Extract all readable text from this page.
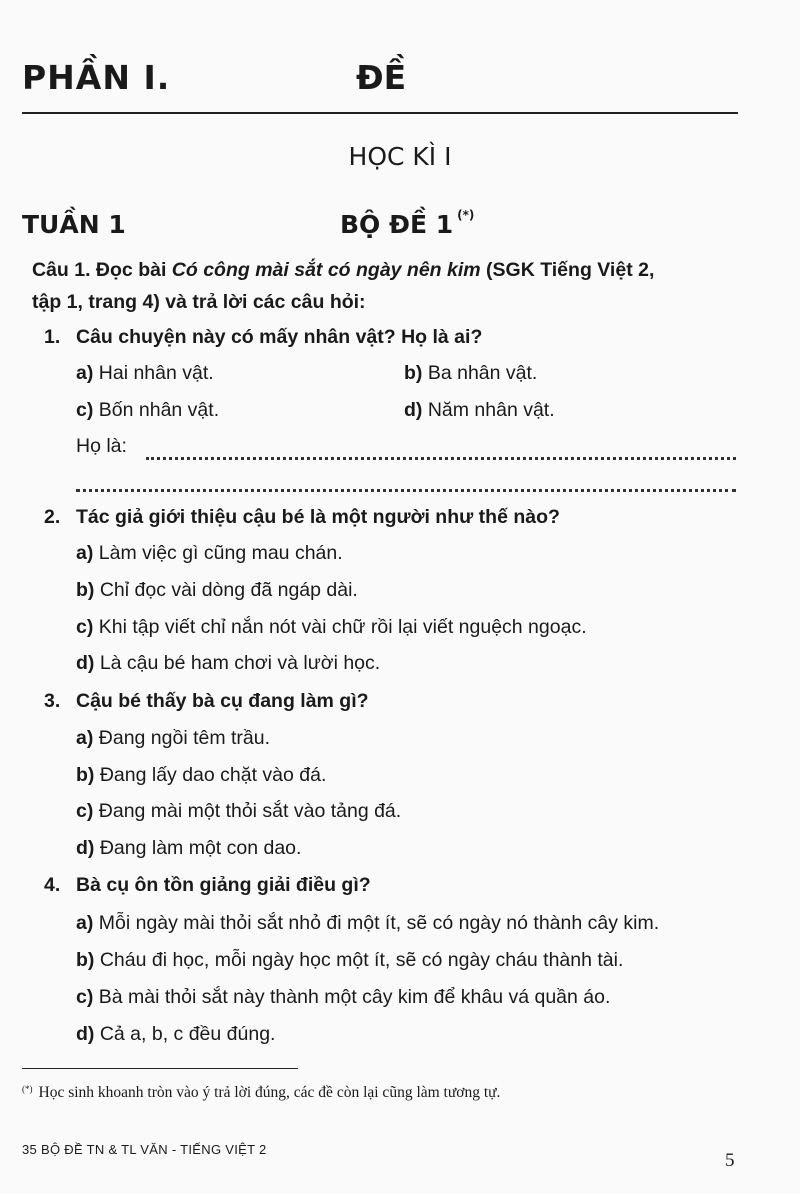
PHẦN I.	ĐỀ
HỌC KÌ I
TUẦN 1	BỘ ĐỀ 1 (*)
Câu 1. Đọc bài Có công mài sắt có ngày nên kim (SGK Tiếng Việt 2,
tập 1, trang 4) và trả lời các câu hỏi:
1. Câu chuyện này có mấy nhân vật? Họ là ai?
a) Hai nhân vật.	b) Ba nhân vật.
c) Bốn nhân vật.	d) Năm nhân vật.
Họ là:
2. Tác giả giới thiệu cậu bé là một người như thế nào?
a) Làm việc gì cũng mau chán.
b) Chỉ đọc vài dòng đã ngáp dài.
c) Khi tập viết chỉ nắn nót vài chữ rồi lại viết nguệch ngoạc.
d) Là cậu bé ham chơi và lười học.
3. Cậu bé thấy bà cụ đang làm gì?
a) Đang ngồi têm trầu.
b) Đang lấy dao chặt vào đá.
c) Đang mài một thỏi sắt vào tảng đá.
d) Đang làm một con dao.
4. Bà cụ ôn tồn giảng giải điều gì?
a) Mỗi ngày mài thỏi sắt nhỏ đi một ít, sẽ có ngày nó thành cây kim.
b) Cháu đi học, mỗi ngày học một ít, sẽ có ngày cháu thành tài.
c) Bà mài thỏi sắt này thành một cây kim để khâu vá quần áo.
d) Cả a, b, c đều đúng.
(*) Học sinh khoanh tròn vào ý trả lời đúng, các đề còn lại cũng làm tương tự.
35 BỘ ĐỀ TN & TL VĂN - TIẾNG VIỆT 2
5
